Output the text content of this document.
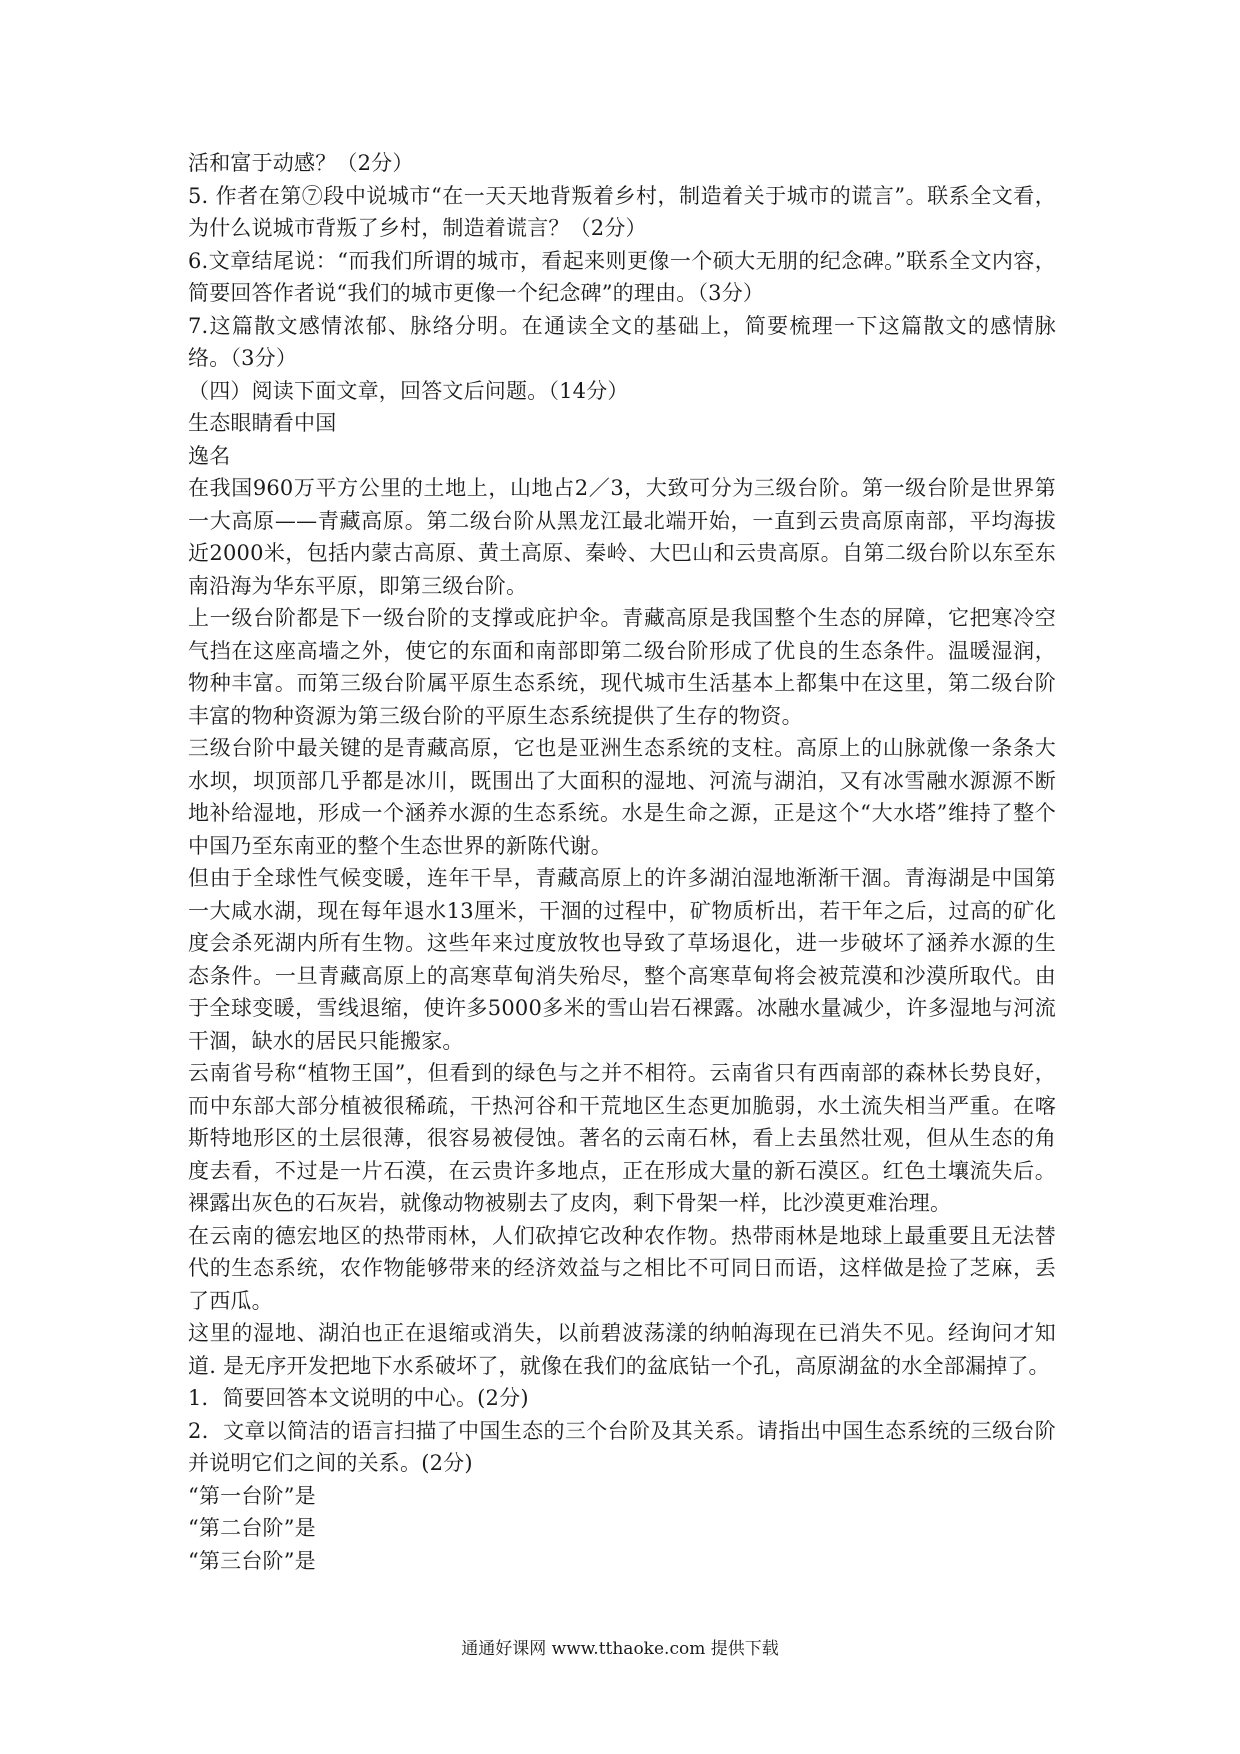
活和富于动感？（2分）
5. 作者在第⑦段中说城市“在一天天地背叛着乡村，制造着关于城市的谎言”。联系全文看，为什么说城市背叛了乡村，制造着谎言？（2分）
6.文章结尾说：“而我们所谓的城市，看起来则更像一个硕大无朋的纪念碑。”联系全文内容，简要回答作者说“我们的城市更像一个纪念碑”的理由。（3分）
7.这篇散文感情浓郁、脉络分明。在通读全文的基础上，简要梳理一下这篇散文的感情脉络。（3分）
（四）阅读下面文章，回答文后问题。（14分）
生态眼睛看中国
逸名
在我国960万平方公里的土地上，山地占2／3，大致可分为三级台阶。第一级台阶是世界第一大高原——青藏高原。第二级台阶从黑龙江最北端开始，一直到云贵高原南部，平均海拔近2000米，包括内蒙古高原、黄土高原、秦岭、大巴山和云贵高原。自第二级台阶以东至东南沿海为华东平原，即第三级台阶。
上一级台阶都是下一级台阶的支撑或庇护伞。青藏高原是我国整个生态的屏障，它把寒冷空气挡在这座高墙之外，使它的东面和南部即第二级台阶形成了优良的生态条件。温暖湿润，物种丰富。而第三级台阶属平原生态系统，现代城市生活基本上都集中在这里，第二级台阶丰富的物种资源为第三级台阶的平原生态系统提供了生存的物资。
三级台阶中最关键的是青藏高原，它也是亚洲生态系统的支柱。高原上的山脉就像一条条大水坝，坝顶部几乎都是冰川，既围出了大面积的湿地、河流与湖泊，又有冰雪融水源源不断地补给湿地，形成一个涵养水源的生态系统。水是生命之源，正是这个“大水塔”维持了整个中国乃至东南亚的整个生态世界的新陈代谢。
但由于全球性气候变暖，连年干旱，青藏高原上的许多湖泊湿地渐渐干涸。青海湖是中国第一大咸水湖，现在每年退水13厘米，干涸的过程中，矿物质析出，若干年之后，过高的矿化度会杀死湖内所有生物。这些年来过度放牧也导致了草场退化，进一步破坏了涵养水源的生态条件。一旦青藏高原上的高寒草甸消失殆尽，整个高寒草甸将会被荒漠和沙漠所取代。由于全球变暖，雪线退缩，使许多5000多米的雪山岩石裸露。冰融水量减少，许多湿地与河流干涸，缺水的居民只能搬家。
云南省号称“植物王国”，但看到的绿色与之并不相符。云南省只有西南部的森林长势良好，而中东部大部分植被很稀疏，干热河谷和干荒地区生态更加脆弱，水土流失相当严重。在喀斯特地形区的土层很薄，很容易被侵蚀。著名的云南石林，看上去虽然壮观，但从生态的角度去看，不过是一片石漠，在云贵许多地点，正在形成大量的新石漠区。红色土壤流失后。裸露出灰色的石灰岩，就像动物被剔去了皮肉，剩下骨架一样，比沙漠更难治理。
在云南的德宏地区的热带雨林，人们砍掉它改种农作物。热带雨林是地球上最重要且无法替代的生态系统，农作物能够带来的经济效益与之相比不可同日而语，这样做是捡了芝麻，丢了西瓜。
这里的湿地、湖泊也正在退缩或消失，以前碧波荡漾的纳帕海现在已消失不见。经询问才知道. 是无序开发把地下水系破坏了，就像在我们的盆底钻一个孔，高原湖盆的水全部漏掉了。
1．简要回答本文说明的中心。(2分)
2．文章以简洁的语言扫描了中国生态的三个台阶及其关系。请指出中国生态系统的三级台阶并说明它们之间的关系。(2分)
“第一台阶”是
“第二台阶”是
“第三台阶”是
通通好课网 www.tthaoke.com 提供下载
